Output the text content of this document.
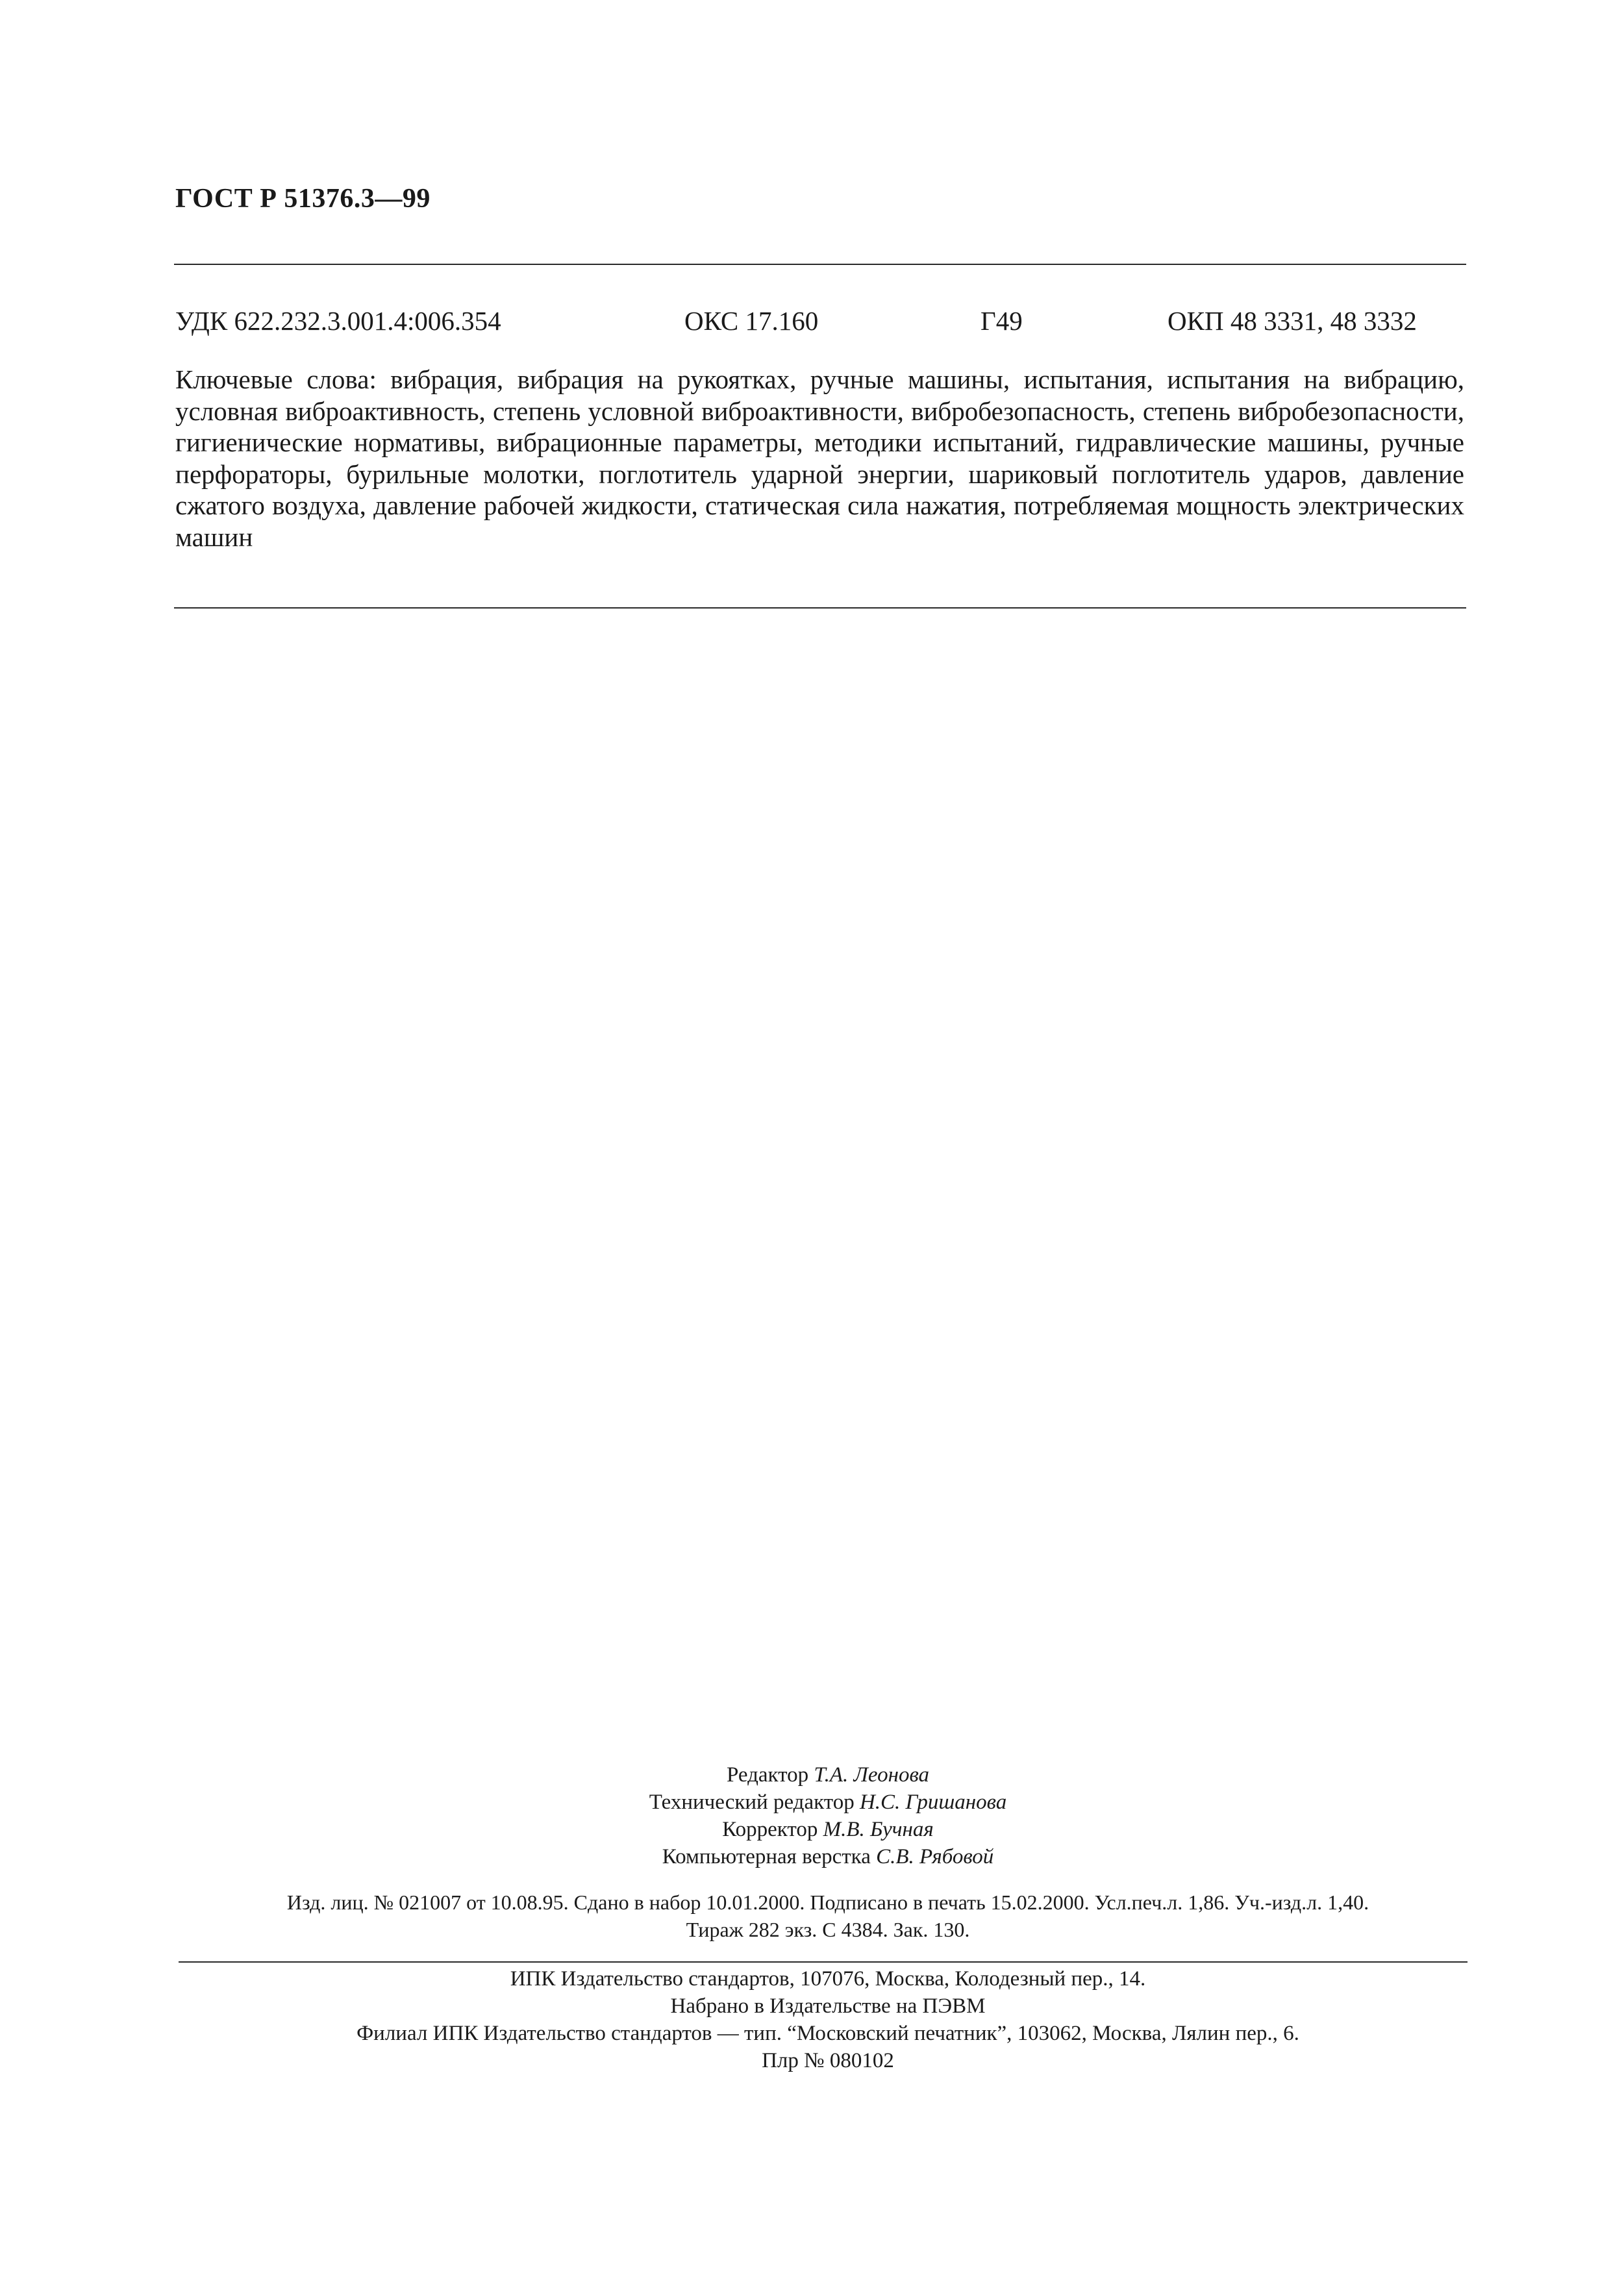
ГОСТ Р 51376.3—99
УДК 622.232.3.001.4:006.354	ОКС 17.160	Г49	ОКП 48 3331, 48 3332
Ключевые слова: вибрация, вибрация на рукоятках, ручные машины, испытания, испытания на вибрацию, условная виброактивность, степень условной виброактивности, вибробезопасность, степень вибробезопасности, гигиенические нормативы, вибрационные параметры, методики испытаний, гидравлические машины, ручные перфораторы, бурильные молотки, поглотитель ударной энергии, шариковый поглотитель ударов, давление сжатого воздуха, давление рабочей жидкости, статическая сила нажатия, потребляемая мощность электрических машин
Редактор Т.А. Леонова
Технический редактор Н.С. Гришанова
Корректор М.В. Бучная
Компьютерная верстка С.В. Рябовой
Изд. лиц. № 021007 от 10.08.95. Сдано в набор 10.01.2000. Подписано в печать 15.02.2000. Усл.печ.л. 1,86. Уч.-изд.л. 1,40.
Тираж 282 экз. С 4384. Зак. 130.
ИПК Издательство стандартов, 107076, Москва, Колодезный пер., 14.
Набрано в Издательстве на ПЭВМ
Филиал ИПК Издательство стандартов — тип. “Московский печатник”, 103062, Москва, Лялин пер., 6.
Плр № 080102
